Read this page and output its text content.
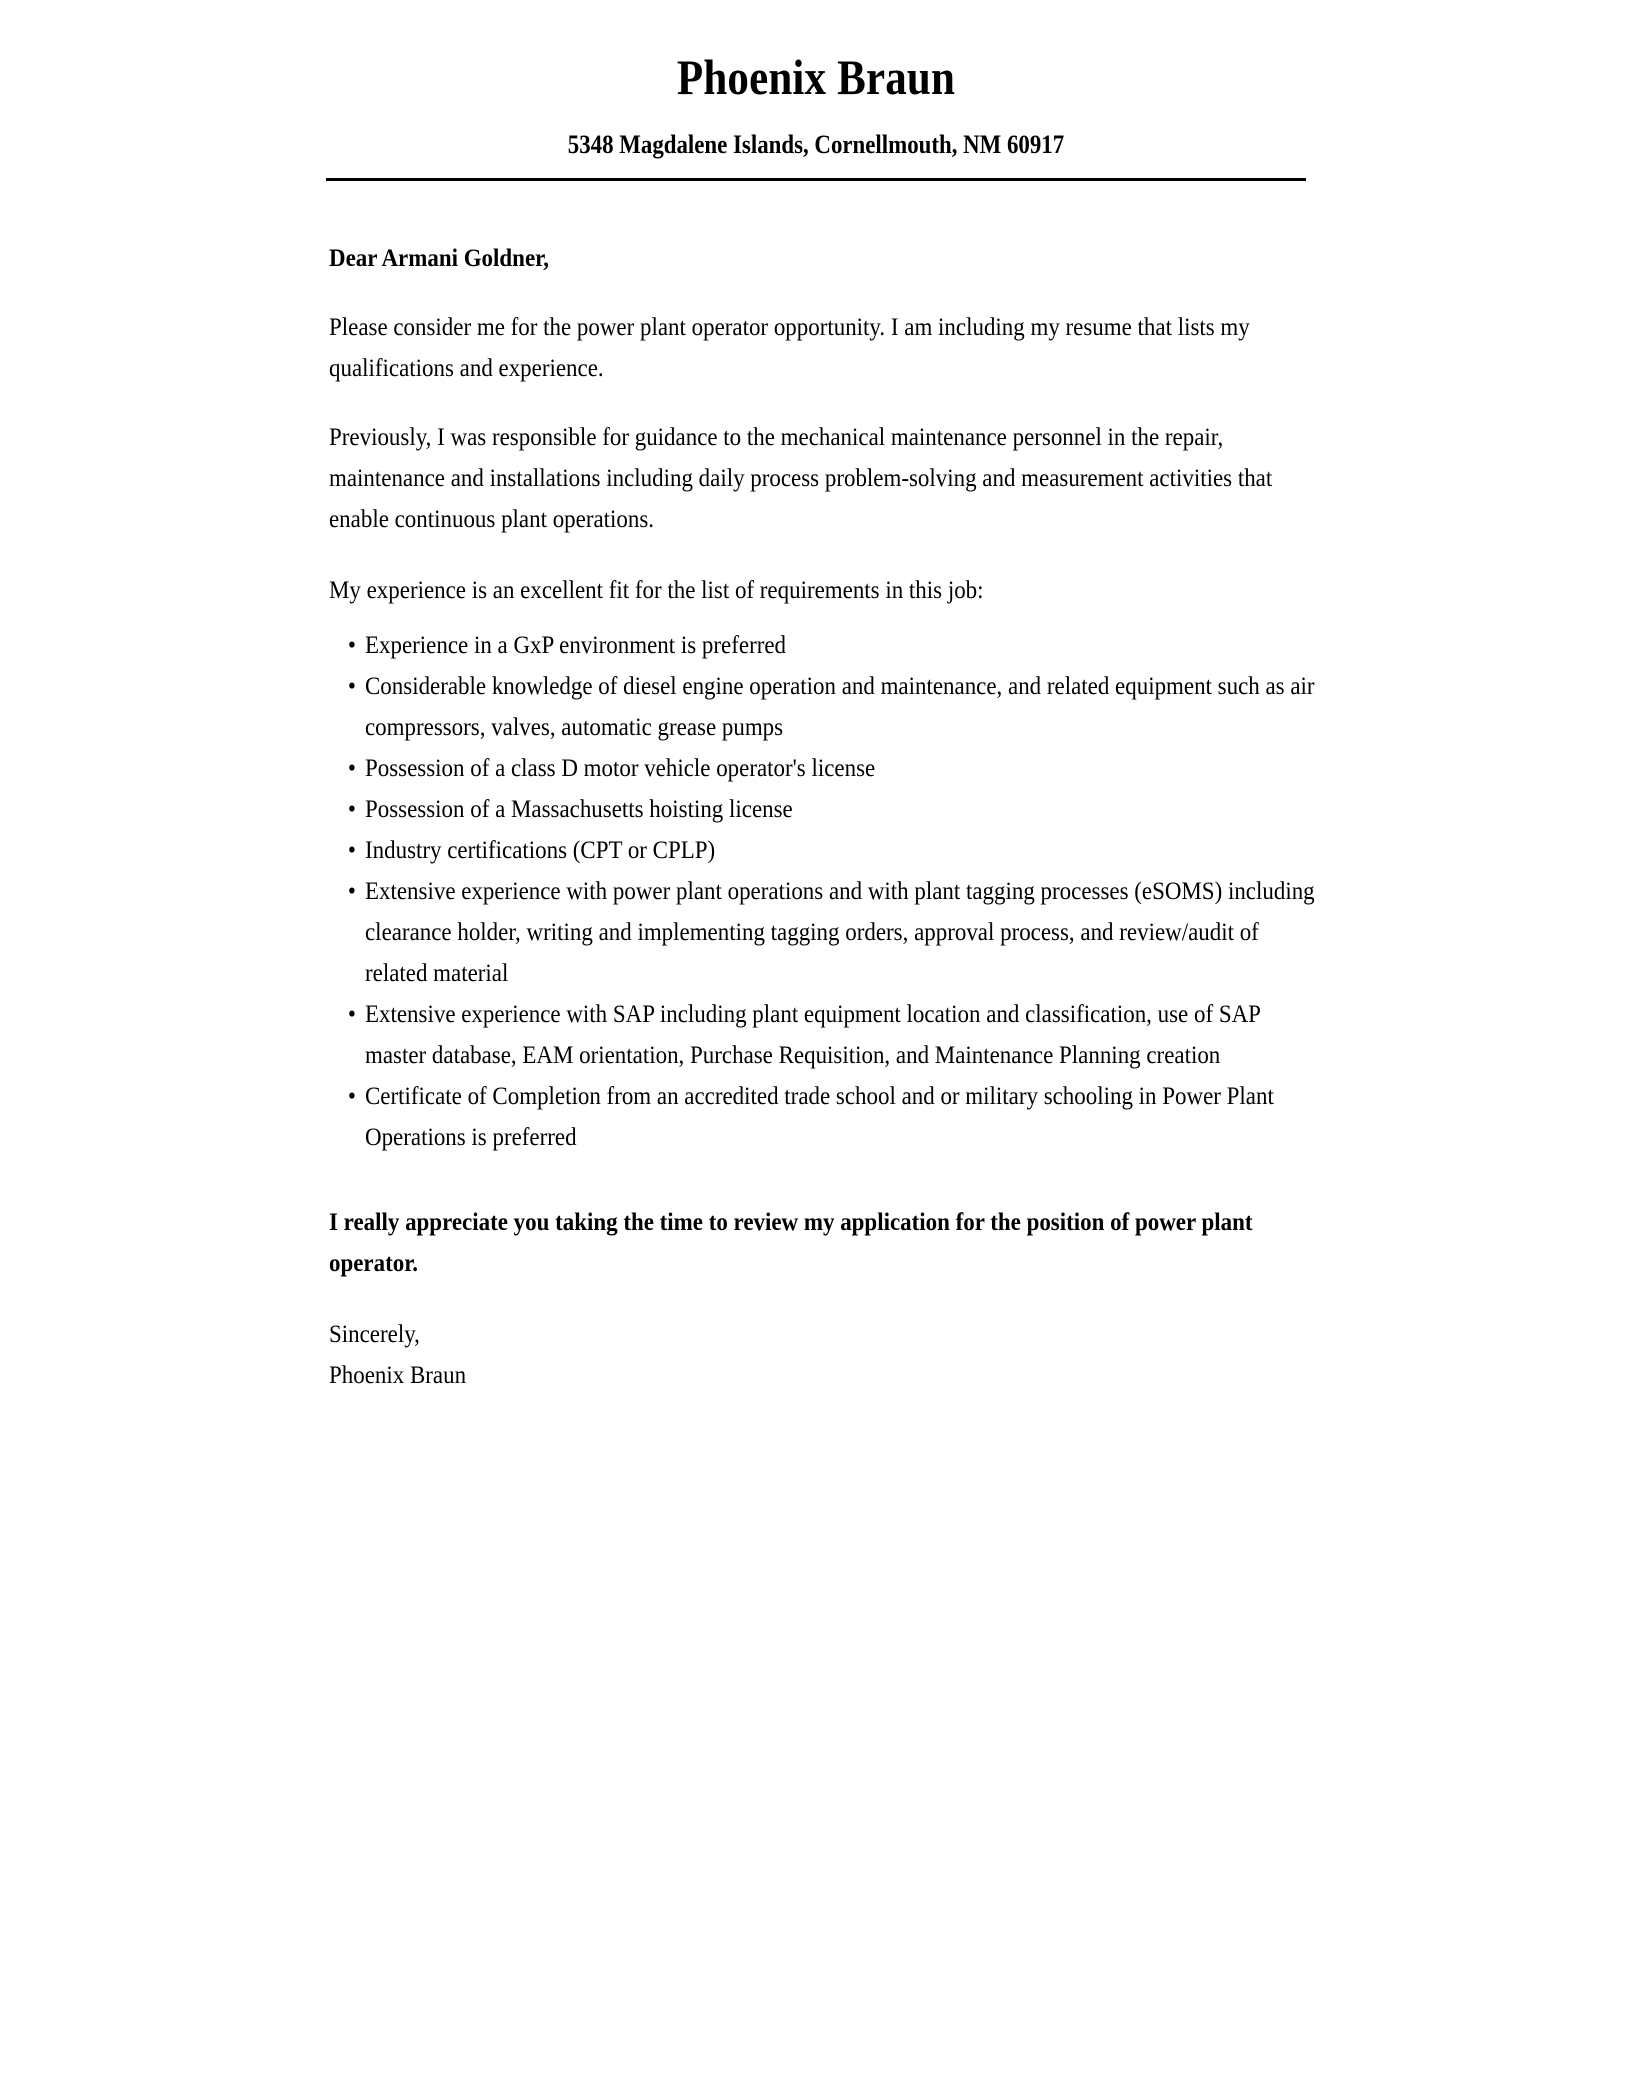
Phoenix Braun
5348 Magdalene Islands, Cornellmouth, NM 60917
Dear Armani Goldner,

Please consider me for the power plant operator opportunity. I am including my resume that lists my qualifications and experience.

Previously, I was responsible for guidance to the mechanical maintenance personnel in the repair, maintenance and installations including daily process problem-solving and measurement activities that enable continuous plant operations.

My experience is an excellent fit for the list of requirements in this job:

• Experience in a GxP environment is preferred
• Considerable knowledge of diesel engine operation and maintenance, and related equipment such as air compressors, valves, automatic grease pumps
• Possession of a class D motor vehicle operator's license
• Possession of a Massachusetts hoisting license
• Industry certifications (CPT or CPLP)
• Extensive experience with power plant operations and with plant tagging processes (eSOMS) including clearance holder, writing and implementing tagging orders, approval process, and review/audit of related material
• Extensive experience with SAP including plant equipment location and classification, use of SAP master database, EAM orientation, Purchase Requisition, and Maintenance Planning creation
• Certificate of Completion from an accredited trade school and or military schooling in Power Plant Operations is preferred

I really appreciate you taking the time to review my application for the position of power plant operator.

Sincerely,
Phoenix Braun
